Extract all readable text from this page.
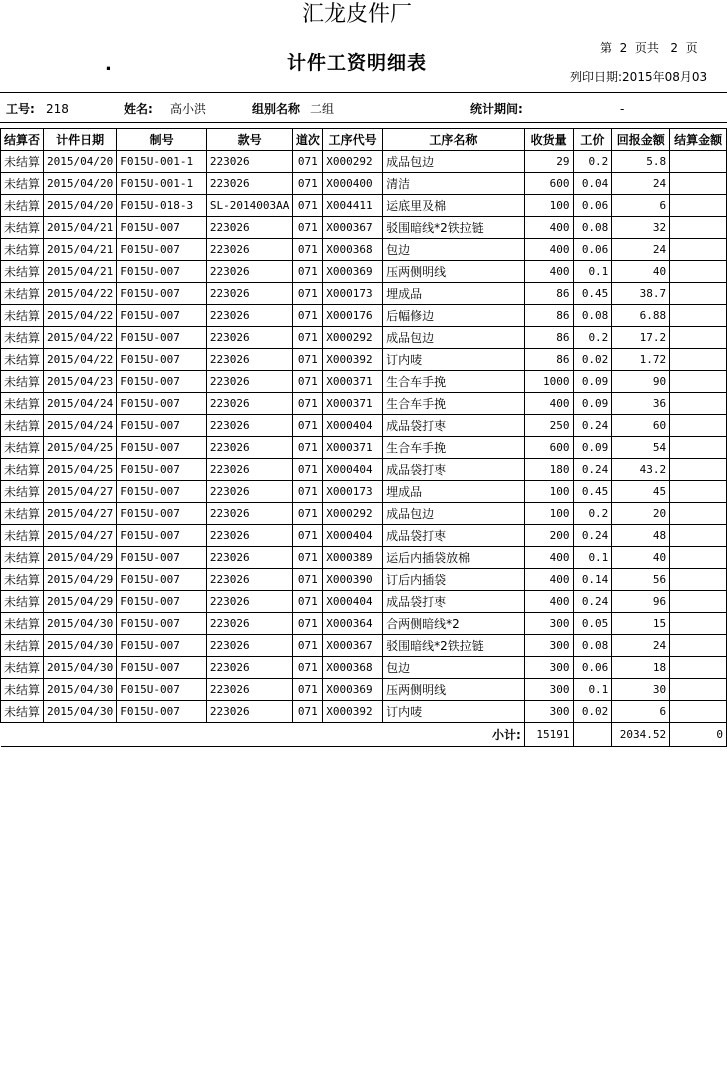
汇龙皮件厂
.	计件工资明细表
第  2  页共   2  页
列印日期:2015年08月03
工号: 218	姓名: 高小洪	组别名称 二组	统计期间:	-
结算否	计件日期	制号	款号	道次	工序代号	工序名称	收货量	工价	回报金额	结算金额
未结算	2015/04/20	F015U-001-1	223026	071	X000292	成品包边	29	0.2	5.8	
未结算	2015/04/20	F015U-001-1	223026	071	X000400	清洁	600	0.04	24	
未结算	2015/04/20	F015U-018-3	SL-2014003AA	071	X004411	运底里及棉	100	0.06	6	
未结算	2015/04/21	F015U-007	223026	071	X000367	驳围暗线*2铁拉链	400	0.08	32	
未结算	2015/04/21	F015U-007	223026	071	X000368	包边	400	0.06	24	
未结算	2015/04/21	F015U-007	223026	071	X000369	压两侧明线	400	0.1	40	
未结算	2015/04/22	F015U-007	223026	071	X000173	埋成品	86	0.45	38.7	
未结算	2015/04/22	F015U-007	223026	071	X000176	后幅修边	86	0.08	6.88	
未结算	2015/04/22	F015U-007	223026	071	X000292	成品包边	86	0.2	17.2	
未结算	2015/04/22	F015U-007	223026	071	X000392	订内唛	86	0.02	1.72	
未结算	2015/04/23	F015U-007	223026	071	X000371	生合车手挽	1000	0.09	90	
未结算	2015/04/24	F015U-007	223026	071	X000371	生合车手挽	400	0.09	36	
未结算	2015/04/24	F015U-007	223026	071	X000404	成品袋打枣	250	0.24	60	
未结算	2015/04/25	F015U-007	223026	071	X000371	生合车手挽	600	0.09	54	
未结算	2015/04/25	F015U-007	223026	071	X000404	成品袋打枣	180	0.24	43.2	
未结算	2015/04/27	F015U-007	223026	071	X000173	埋成品	100	0.45	45	
未结算	2015/04/27	F015U-007	223026	071	X000292	成品包边	100	0.2	20	
未结算	2015/04/27	F015U-007	223026	071	X000404	成品袋打枣	200	0.24	48	
未结算	2015/04/29	F015U-007	223026	071	X000389	运后内插袋放棉	400	0.1	40	
未结算	2015/04/29	F015U-007	223026	071	X000390	订后内插袋	400	0.14	56	
未结算	2015/04/29	F015U-007	223026	071	X000404	成品袋打枣	400	0.24	96	
未结算	2015/04/30	F015U-007	223026	071	X000364	合两侧暗线*2	300	0.05	15	
未结算	2015/04/30	F015U-007	223026	071	X000367	驳围暗线*2铁拉链	300	0.08	24	
未结算	2015/04/30	F015U-007	223026	071	X000368	包边	300	0.06	18	
未结算	2015/04/30	F015U-007	223026	071	X000369	压两侧明线	300	0.1	30	
未结算	2015/04/30	F015U-007	223026	071	X000392	订内唛	300	0.02	6	
小计:							15191		2034.52	0
